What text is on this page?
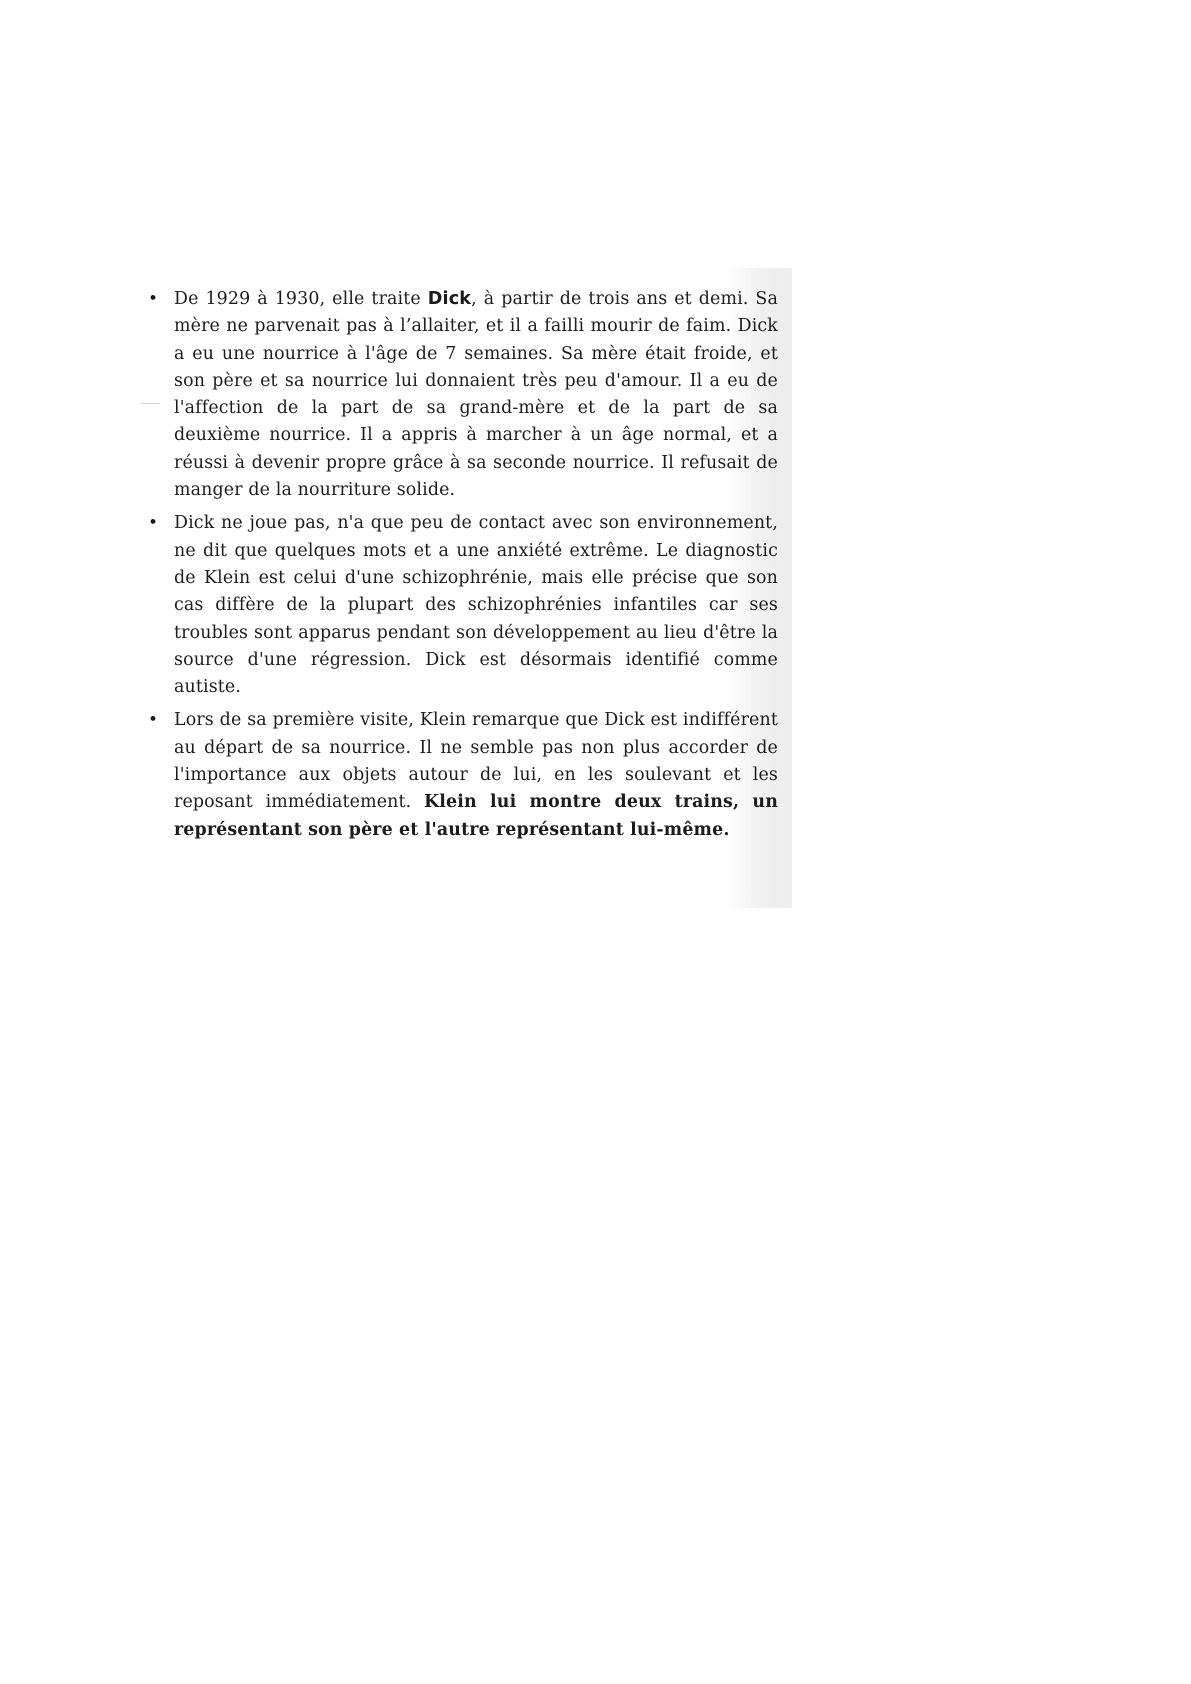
• De 1929 à 1930, elle traite Dick, à partir de trois ans et demi. Sa mère ne parvenait pas à l’allaiter, et il a failli mourir de faim. Dick a eu une nourrice à l'âge de 7 semaines. Sa mère était froide, et son père et sa nourrice lui donnaient très peu d'amour. Il a eu de l'affection de la part de sa grand-mère et de la part de sa deuxième nourrice. Il a appris à marcher à un âge normal, et a réussi à devenir propre grâce à sa seconde nourrice. Il refusait de manger de la nourriture solide.
• Dick ne joue pas, n'a que peu de contact avec son environnement, ne dit que quelques mots et a une anxiété extrême. Le diagnostic de Klein est celui d'une schizophrénie, mais elle précise que son cas diffère de la plupart des schizophrénies infantiles car ses troubles sont apparus pendant son développement au lieu d'être la source d'une régression. Dick est désormais identifié comme autiste.
• Lors de sa première visite, Klein remarque que Dick est indifférent au départ de sa nourrice. Il ne semble pas non plus accorder de l'importance aux objets autour de lui, en les soulevant et les reposant immédiatement. Klein lui montre deux trains, un représentant son père et l'autre représentant lui-même.
